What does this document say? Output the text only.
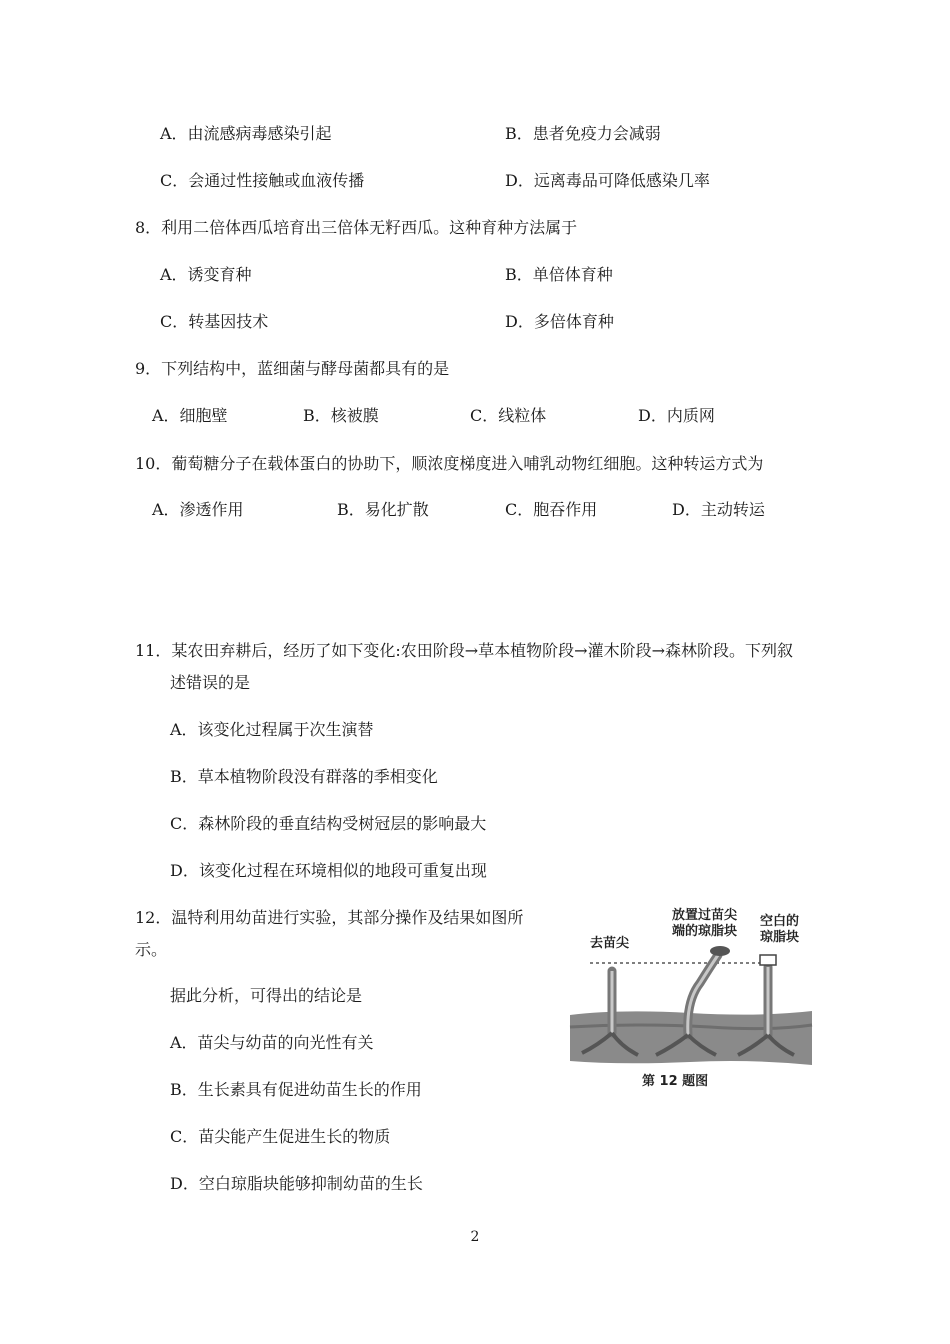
A．由流感病毒感染引起	B．患者免疫力会减弱
C．会通过性接触或血液传播	D．远离毒品可降低感染几率
8．利用二倍体西瓜培育出三倍体无籽西瓜。这种育种方法属于
A．诱变育种	B．单倍体育种
C．转基因技术	D．多倍体育种
9．下列结构中，蓝细菌与酵母菌都具有的是
A．细胞壁	B．核被膜	C．线粒体	D．内质网
10．葡萄糖分子在载体蛋白的协助下，顺浓度梯度进入哺乳动物红细胞。这种转运方式为
A．渗透作用	B．易化扩散	C．胞吞作用	D．主动转运
11．某农田弃耕后，经历了如下变化:农田阶段→草本植物阶段→灌木阶段→森林阶段。下列叙
述错误的是
A．该变化过程属于次生演替
B．草本植物阶段没有群落的季相变化
C．森林阶段的垂直结构受树冠层的影响最大
D．该变化过程在环境相似的地段可重复出现
12．温特利用幼苗进行实验，其部分操作及结果如图所
示。
据此分析，可得出的结论是
A．苗尖与幼苗的向光性有关
B．生长素具有促进幼苗生长的作用
C．苗尖能产生促进生长的物质
D．空白琼脂块能够抑制幼苗的生长
去苗尖
放置过苗尖
端的琼脂块
空白的
琼脂块
第 12 题图
2
